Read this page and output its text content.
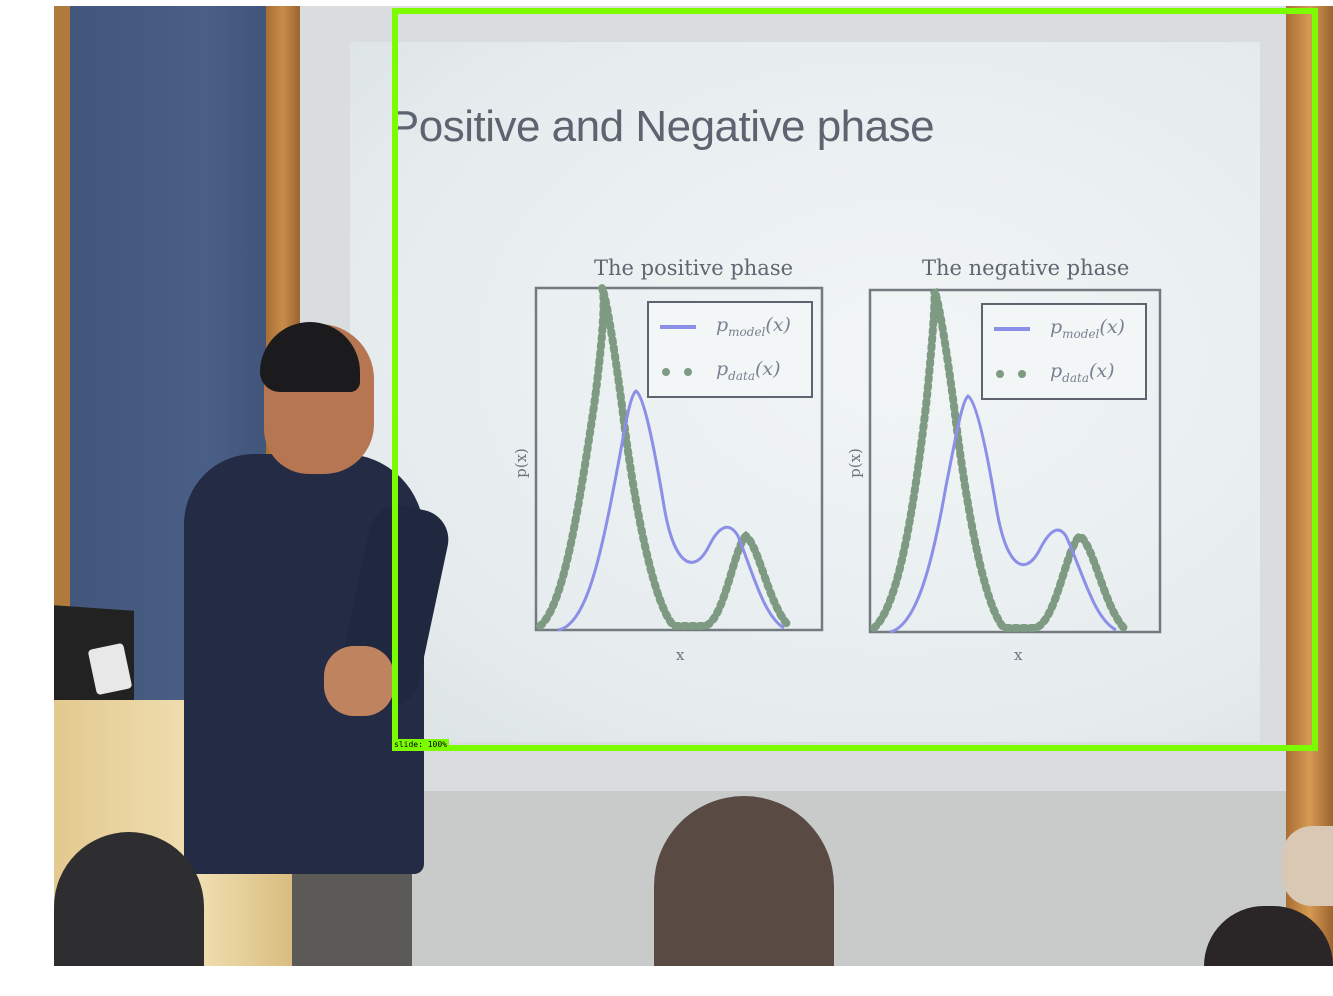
Positive and Negative phase
The positive phase
p(x)
x
The negative phase
p(x)
x
$p_{model}(x)$
$p_{data}(x)$
$p_{model}(x)$
$p_{data}(x)$
slide: 100%
